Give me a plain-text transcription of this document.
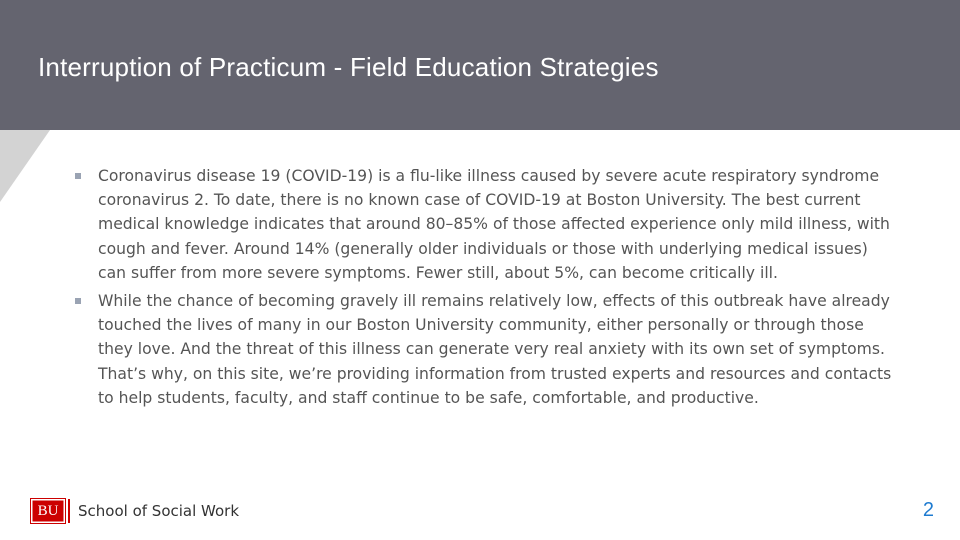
Interruption of Practicum - Field Education Strategies
Coronavirus disease 19 (COVID-19) is a flu-like illness caused by severe acute respiratory syndrome coronavirus 2. To date, there is no known case of COVID-19 at Boston University. The best current medical knowledge indicates that around 80–85% of those affected experience only mild illness, with cough and fever. Around 14% (generally older individuals or those with underlying medical issues) can suffer from more severe symptoms. Fewer still, about 5%, can become critically ill.
While the chance of becoming gravely ill remains relatively low, effects of this outbreak have already touched the lives of many in our Boston University community, either personally or through those they love. And the threat of this illness can generate very real anxiety with its own set of symptoms. That’s why, on this site, we’re providing information from trusted experts and resources and contacts to help students, faculty, and staff continue to be safe, comfortable, and productive.
BU	School of Social Work	2
